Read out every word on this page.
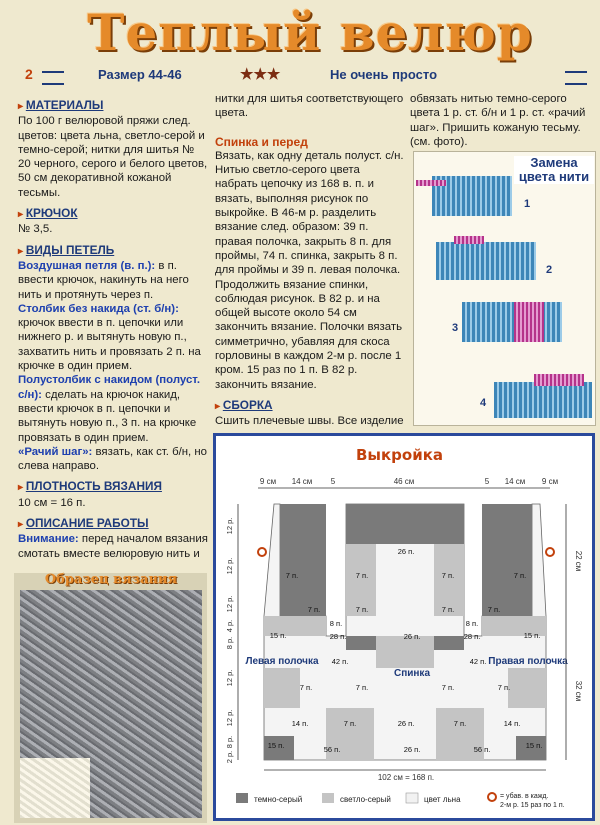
Теплый велюр
2	Размер 44-46	★★★	Не очень просто
▸ МАТЕРИАЛЫ

По 100 г велюровой пряжи след. цветов: цвета льна, светло-серой и темно-серой; нитки для шитья № 20 черного, серого и белого цветов, 50 см декоративной кожаной тесьмы.

▸ КРЮЧОК

№ 3,5.

▸ ВИДЫ ПЕТЕЛЬ

Воздушная петля (в. п.): в п. ввести крючок, накинуть на него нить и протянуть через п.

Столбик без накида (ст. б/н): крючок ввести в п. цепочки или нижнего р. и вытянуть новую п., захватить нить и провязать 2 п. на крючке в один прием.

Полустолбик с накидом (полуст. с/н): сделать на крючок накид, ввести крючок в п. цепочки и вытянуть новую п., 3 п. на крючке провязать в один прием.

«Рачий шаг»: вязать, как ст. б/н, но слева направо.

▸ ПЛОТНОСТЬ ВЯЗАНИЯ

10 см = 16 п.

▸ ОПИСАНИЕ РАБОТЫ

Внимание: перед началом вязания смотать вместе велюровую нить и

Образец вязания

нитки для шитья соответствующего цвета.

Спинка и перед

Вязать, как одну деталь полуст. с/н. Нитью светло-серого цвета набрать цепочку из 168 в. п. и вязать, выполняя рисунок по выкройке. В 46-м р. разделить вязание след. образом: 39 п. правая полочка, закрыть 8 п. для проймы, 74 п. спинка, закрыть 8 п. для проймы и 39 п. левая полочка. Продолжить вязание спинки, соблюдая рисунок. В 82 р. и на общей высоте около 54 см закончить вязание. Полочки вязать симметрично, убавляя для скоса горловины в каждом 2-м р. после 1 кром. 15 раз по 1 п. В 82 р. закончить вязание.

▸ СБОРКА

Сшить плечевые швы. Все изделие

обвязать нитью темно-серого цвета 1 р. ст. б/н и 1 р. ст. «рачий шаг». Пришить кожаную тесьму. (см. фото).

Замена цвета нити
1
2
3
4
Выкройка
9 см 14 см 5	46 см	5 14 см 9 см
26 п.
7 п.	7 п.	7 п.	7 п.
7 п.	7 п.	7 п.	7 п.
8 п.	8 п.
15 п.	28 п.	26 п.	28 п.	15 п.
42 п.	42 п.
7 п.	7 п.	7 п.	7 п.
14 п.	7 п.	26 п.	7 п.	14 п.
15 п.	56 п.	26 п.	56 п.	15 п.
Левая полочка
Спинка
Правая полочка
12 р.
12 р.
12 р.
4 р.
8 р.
12 р.
12 р.
8 р.
2 р.
22 см
32 см
102 см = 168 п.
темно-серый	светло-серый	цвет льна	= убав. в кажд. 2-м р. 15 раз по 1 п.
